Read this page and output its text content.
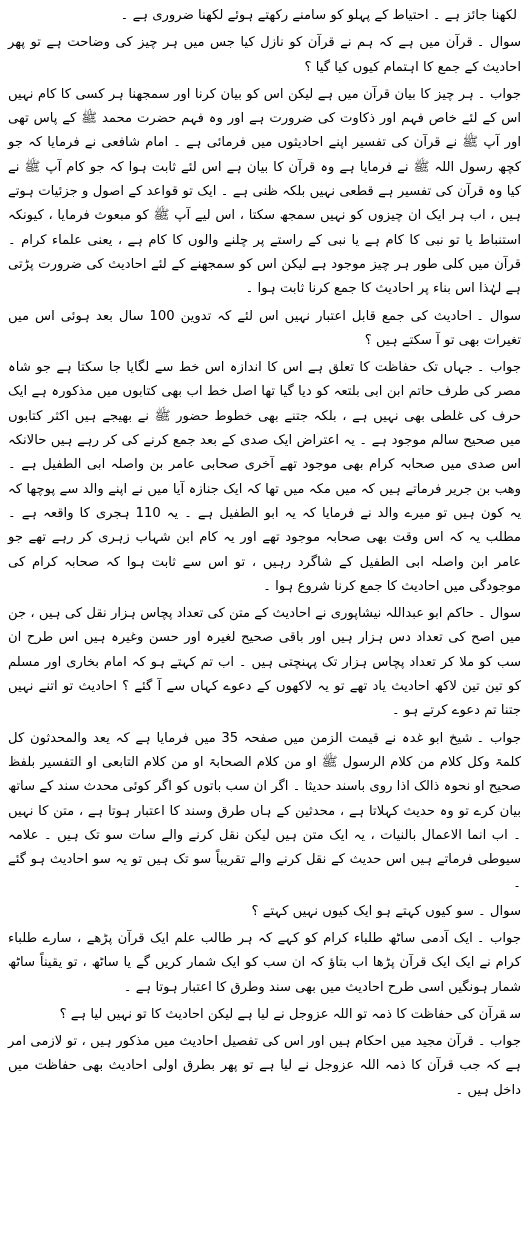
لکھنا جائز ہے ۔ احتیاط کے پہلو کو سامنے رکھتے ہوئے لکھنا ضروری ہے ۔

سوال ۔قرآن میں ہے کہ ہم نے قرآن کو نازل کیا جس میں ہر چیز کی وضاحت ہے تو پھر احادیث کے جمع کا اہتمام کیوں کیا گیا ؟

جواب ۔ہر چیز کا بیان قرآن میں ہے لیکن اس کو بیان کرنا اور سمجھنا ہر کسی کا کام نہیں اس کے لئے خاص فہم اور ذکاوت کی ضرورت ہے اور وہ فہم حضرت محمد ﷺ کے پاس تھی اور آپ ﷺ نے قرآن کی تفسیر اپنے احادیثوں میں فرمائی ہے ۔ امام شافعی نے فرمایا کہ جو کچھ رسول اللہ ﷺ نے فرمایا ہے وہ قرآن کا بیان ہے اس لئے ثابت ہوا کہ جو کام آپ ﷺ نے کیا وہ قرآن کی تفسیر ہے قطعی نہیں بلکہ ظنی ہے ۔ ایک تو قواعد کے اصول و جزئیات ہوتے ہیں ، اب ہر ایک ان چیزوں کو نہیں سمجھ سکتا ، اس لیے آپ ﷺ کو مبعوث فرمایا ، کیونکہ استنباط یا تو نبی کا کام ہے یا نبی کے راستے پر چلنے والوں کا کام ہے ، یعنی علماء کرام ۔ قرآن میں کلی طور ہر چیز موجود ہے لیکن اس کو سمجھنے کے لئے احادیث کی ضرورت پڑتی ہے لہٰذا اس بناء پر احادیث کا جمع کرنا ثابت ہوا ۔

سوال ۔احادیث کی جمع قابل اعتبار نہیں اس لئے کہ تدوین 100 سال بعد ہوئی اس میں تغیرات بھی تو آ سکتے ہیں ؟

جواب ۔جہاں تک حفاظت کا تعلق ہے اس کا اندازہ اس خط سے لگایا جا سکتا ہے جو شاہ مصر کی طرف حاتم ابن ابی بلتعہ کو دیا گیا تھا اصل خط اب بھی کتابوں میں مذکورہ ہے ایک حرف کی غلطی بھی نہیں ہے ، بلکہ جتنے بھی خطوط حضور ﷺ نے بھیجے ہیں اکثر کتابوں میں صحیح سالم موجود ہے ۔ یہ اعتراض ایک صدی کے بعد جمع کرنے کی کر رہے ہیں حالانکہ اس صدی میں صحابہ کرام بھی موجود تھے آخری صحابی عامر بن واصلہ ابی الطفیل ہے ۔ وھب بن جریر فرماتے ہیں کہ میں مکہ میں تھا کہ ایک جنازہ آیا میں نے اپنے والد سے پوچھا کہ یہ کون ہیں تو میرے والد نے فرمایا کہ یہ ابو الطفیل ہے ۔ یہ 110 ہجری کا واقعہ ہے ۔ مطلب یہ کہ اس وقت بھی صحابہ موجود تھے اور یہ کام ابن شہاب زہری کر رہے تھے جو عامر ابن واصلہ ابی الطفیل کے شاگرد رہیں ، تو اس سے ثابت ہوا کہ صحابہ کرام کی موجودگی میں احادیث کا جمع کرنا شروع ہوا ۔

سوال ۔حاکم ابو عبداللہ نیشاپوری نے احادیث کے متن کی تعداد پچاس ہزار نقل کی ہیں ، جن میں اصح کی تعداد دس ہزار ہیں اور باقی صحیح لغیرہ اور حسن وغیرہ ہیں اس طرح ان سب کو ملا کر تعداد پچاس ہزار تک پہنچتی ہیں ۔ اب تم کہتے ہو کہ امام بخاری اور مسلم کو تین تین لاکھ احادیث یاد تھے تو یہ لاکھوں کے دعوے کہاں سے آ گئے ؟ احادیث تو اتنے نہیں جتنا تم دعوے کرتے ہو ۔

جواب ۔شیخ ابو غدہ نے قیمت الزمن میں صفحہ 35 میں فرمایا ہے کہ یعد والمحدثون کل کلمۃ وکل کلام من کلام الرسول ﷺ او من کلام الصحابۃ او من کلام التابعی او التفسیر بلفظ صحیح او نحوہ ذالک اذا روی باسند حدیثا ۔ اگر ان سب باتوں کو اگر کوئی محدث سند کے ساتھ بیان کرے تو وہ حدیث کہلاتا ہے ، محدثین کے ہاں طرق وسند کا اعتبار ہوتا ہے ، متن کا نہیں ۔ اب انما الاعمال بالنیات ، یہ ایک متن ہیں لیکن نقل کرنے والے سات سو تک ہیں ۔ علامہ سیوطی فرماتے ہیں اس حدیث کے نقل کرنے والے تقریباً سو تک ہیں تو یہ سو احادیث ہو گئے ۔

سوال ۔سو کیوں کہتے ہو ایک کیوں نہیں کہتے ؟

جواب ۔ایک آدمی ساٹھ طلباء کرام کو کہے کہ ہر طالب علم ایک قرآن پڑھے ، سارے طلباء کرام نے ایک ایک قرآن پڑھا اب بتاؤ کہ ان سب کو ایک شمار کریں گے یا ساٹھ ، تو یقیناً ساٹھ شمار ہونگیں اسی طرح احادیث میں بھی سند وطرق کا اعتبار ہوتا ہے ۔

سقرآن کی حفاظت کا ذمہ تو اللہ عزوجل نے لیا ہے لیکن احادیث کا تو نہیں لیا ہے ؟

جواب ۔قرآن مجید میں احکام ہیں اور اس کی تفصیل احادیث میں مذکور ہیں ، تو لازمی امر ہے کہ جب قرآن کا ذمہ اللہ عزوجل نے لیا ہے تو پھر بطرق اولی احادیث بھی حفاظت میں داخل ہیں ۔
